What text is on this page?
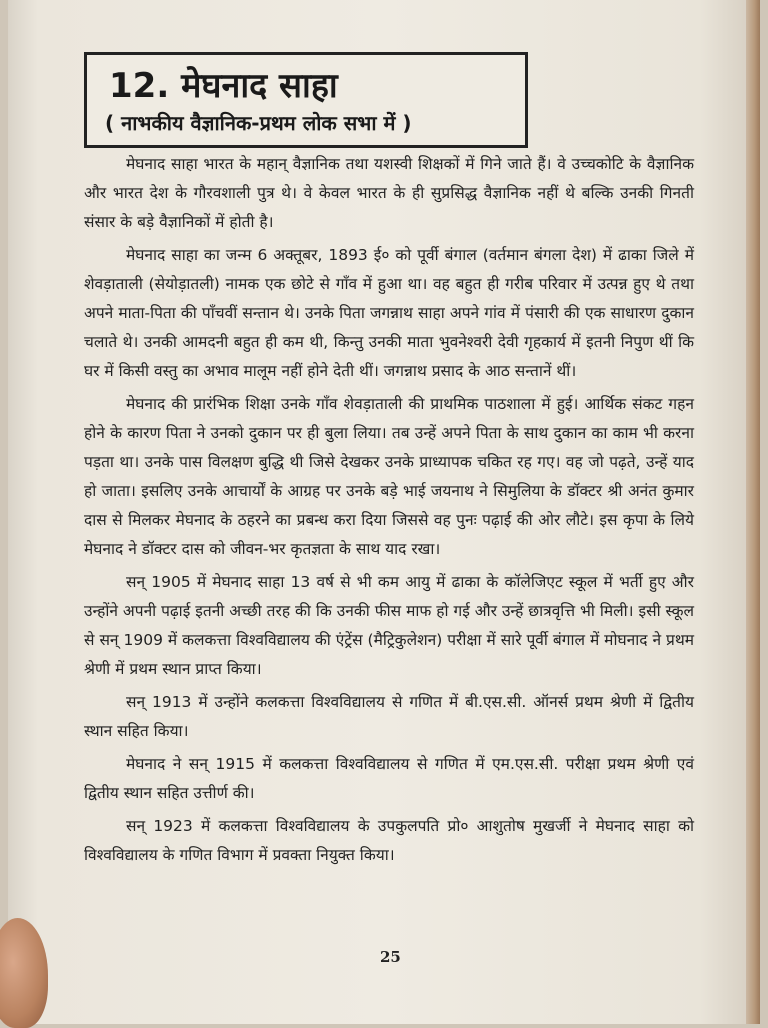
12. मेघनाद साहा
( नाभकीय वैज्ञानिक-प्रथम लोक सभा में )

मेघनाद साहा भारत के महान् वैज्ञानिक तथा यशस्वी शिक्षकों में गिने जाते हैं। वे उच्चकोटि के वैज्ञानिक और भारत देश के गौरवशाली पुत्र थे। वे केवल भारत के ही सुप्रसिद्ध वैज्ञानिक नहीं थे बल्कि उनकी गिनती संसार के बड़े वैज्ञानिकों में होती है।

मेघनाद साहा का जन्म 6 अक्तूबर, 1893 ई० को पूर्वी बंगाल (वर्तमान बंगला देश) में ढाका जिले में शेवड़ाताली (सेयोड़ातली) नामक एक छोटे से गाँव में हुआ था। वह बहुत ही गरीब परिवार में उत्पन्न हुए थे तथा अपने माता-पिता की पाँचवीं सन्तान थे। उनके पिता जगन्नाथ साहा अपने गांव में पंसारी की एक साधारण दुकान चलाते थे। उनकी आमदनी बहुत ही कम थी, किन्तु उनकी माता भुवनेश्वरी देवी गृहकार्य में इतनी निपुण थीं कि घर में किसी वस्तु का अभाव मालूम नहीं होने देती थीं। जगन्नाथ प्रसाद के आठ सन्तानें थीं।

मेघनाद की प्रारंभिक शिक्षा उनके गाँव शेवड़ाताली की प्राथमिक पाठशाला में हुई। आर्थिक संकट गहन होने के कारण पिता ने उनको दुकान पर ही बुला लिया। तब उन्हें अपने पिता के साथ दुकान का काम भी करना पड़ता था। उनके पास विलक्षण बुद्धि थी जिसे देखकर उनके प्राध्यापक चकित रह गए। वह जो पढ़ते, उन्हें याद हो जाता। इसलिए उनके आचार्यों के आग्रह पर उनके बड़े भाई जयनाथ ने सिमुलिया के डॉक्टर श्री अनंत कुमार दास से मिलकर मेघनाद के ठहरने का प्रबन्ध करा दिया जिससे वह पुनः पढ़ाई की ओर लौटे। इस कृपा के लिये मेघनाद ने डॉक्टर दास को जीवन-भर कृतज्ञता के साथ याद रखा।

सन् 1905 में मेघनाद साहा 13 वर्ष से भी कम आयु में ढाका के कॉलेजिएट स्कूल में भर्ती हुए और उन्होंने अपनी पढ़ाई इतनी अच्छी तरह की कि उनकी फीस माफ हो गई और उन्हें छात्रवृत्ति भी मिली। इसी स्कूल से सन् 1909 में कलकत्ता विश्वविद्यालय की एंट्रेंस (मैट्रिकुलेशन) परीक्षा में सारे पूर्वी बंगाल में मोघनाद ने प्रथम श्रेणी में प्रथम स्थान प्राप्त किया।

सन् 1913 में उन्होंने कलकत्ता विश्वविद्यालय से गणित में बी.एस.सी. ऑनर्स प्रथम श्रेणी में द्वितीय स्थान सहित किया।

मेघनाद ने सन् 1915 में कलकत्ता विश्वविद्यालय से गणित में एम.एस.सी. परीक्षा प्रथम श्रेणी एवं द्वितीय स्थान सहित उत्तीर्ण की।

सन् 1923 में कलकत्ता विश्वविद्यालय के उपकुलपति प्रो० आशुतोष मुखर्जी ने मेघनाद साहा को विश्वविद्यालय के गणित विभाग में प्रवक्ता नियुक्त किया।

25
